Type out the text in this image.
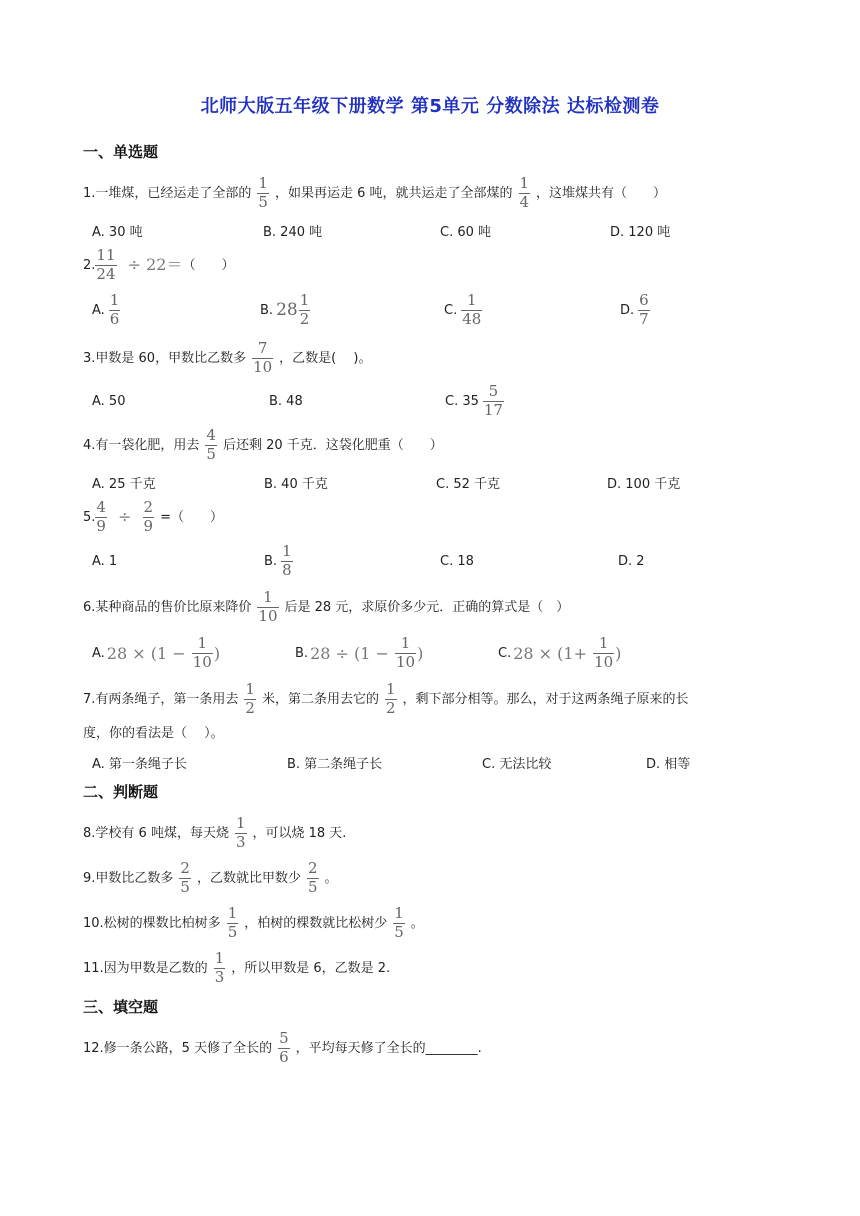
北师大版五年级下册数学 第5单元 分数除法 达标检测卷
一、单选题
1.一堆煤，已经运走了全部的 $\frac{1}{5}$ ，如果再运走 6 吨，就共运走了全部煤的 $\frac{1}{4}$ ，这堆煤共有（　　）
A. 30 吨	B. 240 吨	C. 60 吨	D. 120 吨
2. $\frac{11}{24} \div 22=$ （　　）
A. $\frac{1}{6}$	B. $28 \frac{1}{2}$	C. $\frac{1}{48}$	D. $\frac{6}{7}$
3.甲数是 60，甲数比乙数多 $\frac{7}{10}$ ，乙数是(　 )。
A. 50	B. 48	C. $35 \frac{5}{17}$
4.有一袋化肥，用去 $\frac{4}{5}$ 后还剩 20 千克．这袋化肥重（　　）
A. 25 千克	B. 40 千克	C. 52 千克	D. 100 千克
5. $\frac{4}{9} \div \frac{2}{9}$ =（　　）
A. 1	B. $\frac{1}{8}$	C. 18	D. 2
6.某种商品的售价比原来降价 $\frac{1}{10}$ 后是 28 元，求原价多少元．正确的算式是（　）
A. $28 \times (1 - \frac{1}{10}$ )	B. $28 \div (1 - \frac{1}{10}$ )	C. $28 \times (1+ \frac{1}{10}$ )
7.有两条绳子，第一条用去 $\frac{1}{2}$ 米，第二条用去它的 $\frac{1}{2}$ ，剩下部分相等。那么，对于这两条绳子原来的长
度，你的看法是（　 ）。
A. 第一条绳子长	B. 第二条绳子长	C. 无法比较	D. 相等
二、判断题
8.学校有 6 吨煤，每天烧 $\frac{1}{3}$ ，可以烧 18 天.
9.甲数比乙数多 $\frac{2}{5}$ ，乙数就比甲数少 $\frac{2}{5}$ 。
10.松树的棵数比柏树多 $\frac{1}{5}$ ，柏树的棵数就比松树少 $\frac{1}{5}$ 。
11.因为甲数是乙数的 $\frac{1}{3}$ ，所以甲数是 6，乙数是 2.
三、填空题
12.修一条公路，5 天修了全长的 $\frac{5}{6}$ ，平均每天修了全长的________.
